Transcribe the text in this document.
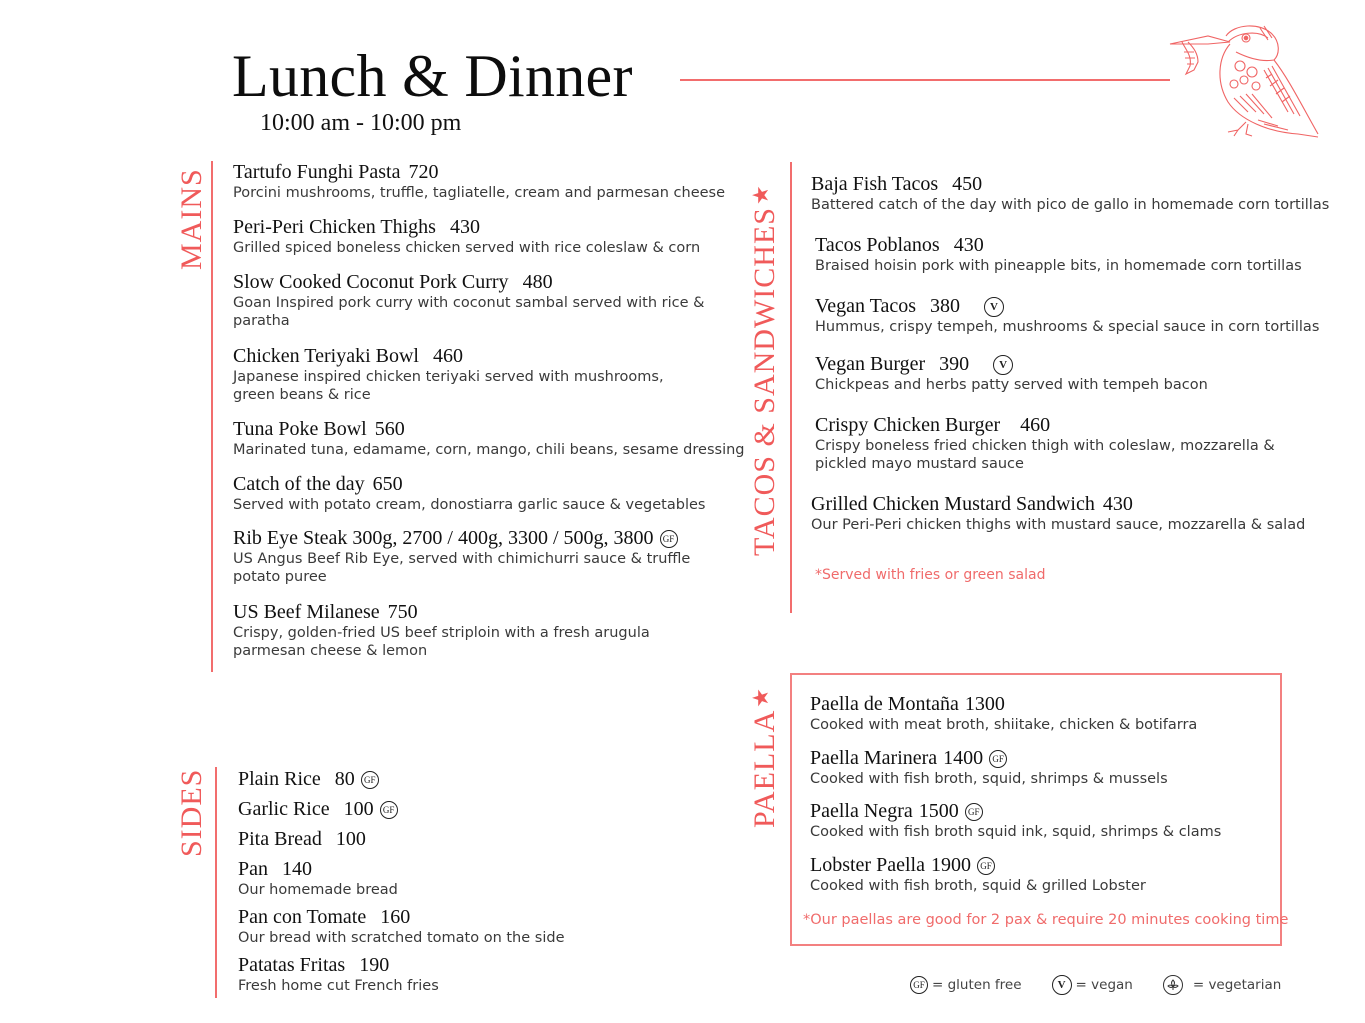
Lunch & Dinner
10:00 am - 10:00 pm
MAINS Tartufo Funghi Pasta 720
Porcini mushrooms, truffle, tagliatelle, cream and parmesan cheese
Peri-Peri Chicken Thighs 430
Grilled spiced boneless chicken served with rice coleslaw & corn
Slow Cooked Coconut Pork Curry 480
Goan Inspired pork curry with coconut sambal served with rice & paratha
Chicken Teriyaki Bowl 460
Japanese inspired chicken teriyaki served with mushrooms, green beans & rice
Tuna Poke Bowl 560
Marinated tuna, edamame, corn, mango, chili beans, sesame dressing
Catch of the day 650
Served with potato cream, donostiarra garlic sauce & vegetables
Rib Eye Steak 300g, 2700 / 400g, 3300 / 500g, 3800 GF
US Angus Beef Rib Eye, served with chimichurri sauce & truffle potato puree
US Beef Milanese 750
Crispy, golden-fried US beef striploin with a fresh arugula parmesan cheese & lemon
SIDES Plain Rice 80 GF
Garlic Rice 100 GF
Pita Bread 100
Pan 140
Our homemade bread
Pan con Tomate 160
Our bread with scratched tomato on the side
Patatas Fritas 190
Fresh home cut French fries
TACOS & SANDWICHES★	Baja Fish Tacos 450
Battered catch of the day with pico de gallo in homemade corn tortillas
Tacos Poblanos 430
Braised hoisin pork with pineapple bits, in homemade corn tortillas
Vegan Tacos 380	V
Hummus, crispy tempeh, mushrooms & special sauce in corn tortillas
Vegan Burger 390	V
Chickpeas and herbs patty served with tempeh bacon
Crispy Chicken Burger 460
Crispy boneless fried chicken thigh with coleslaw, mozzarella & pickled mayo mustard sauce
Grilled Chicken Mustard Sandwich 430
Our Peri-Peri chicken thighs with mustard sauce, mozzarella & salad
*Served with fries or green salad
PAELLA★	Paella de Montaña 1300
Cooked with meat broth, shiitake, chicken & botifarra
Paella Marinera 1400 GF
Cooked with fish broth, squid, shrimps & mussels
Paella Negra 1500 GF
Cooked with fish broth squid ink, squid, shrimps & clams
Lobster Paella 1900 GF
Cooked with fish broth, squid & grilled Lobster
*Our paellas are good for 2 pax & require 20 minutes cooking time
GF = gluten free	V = vegan	= vegetarian
